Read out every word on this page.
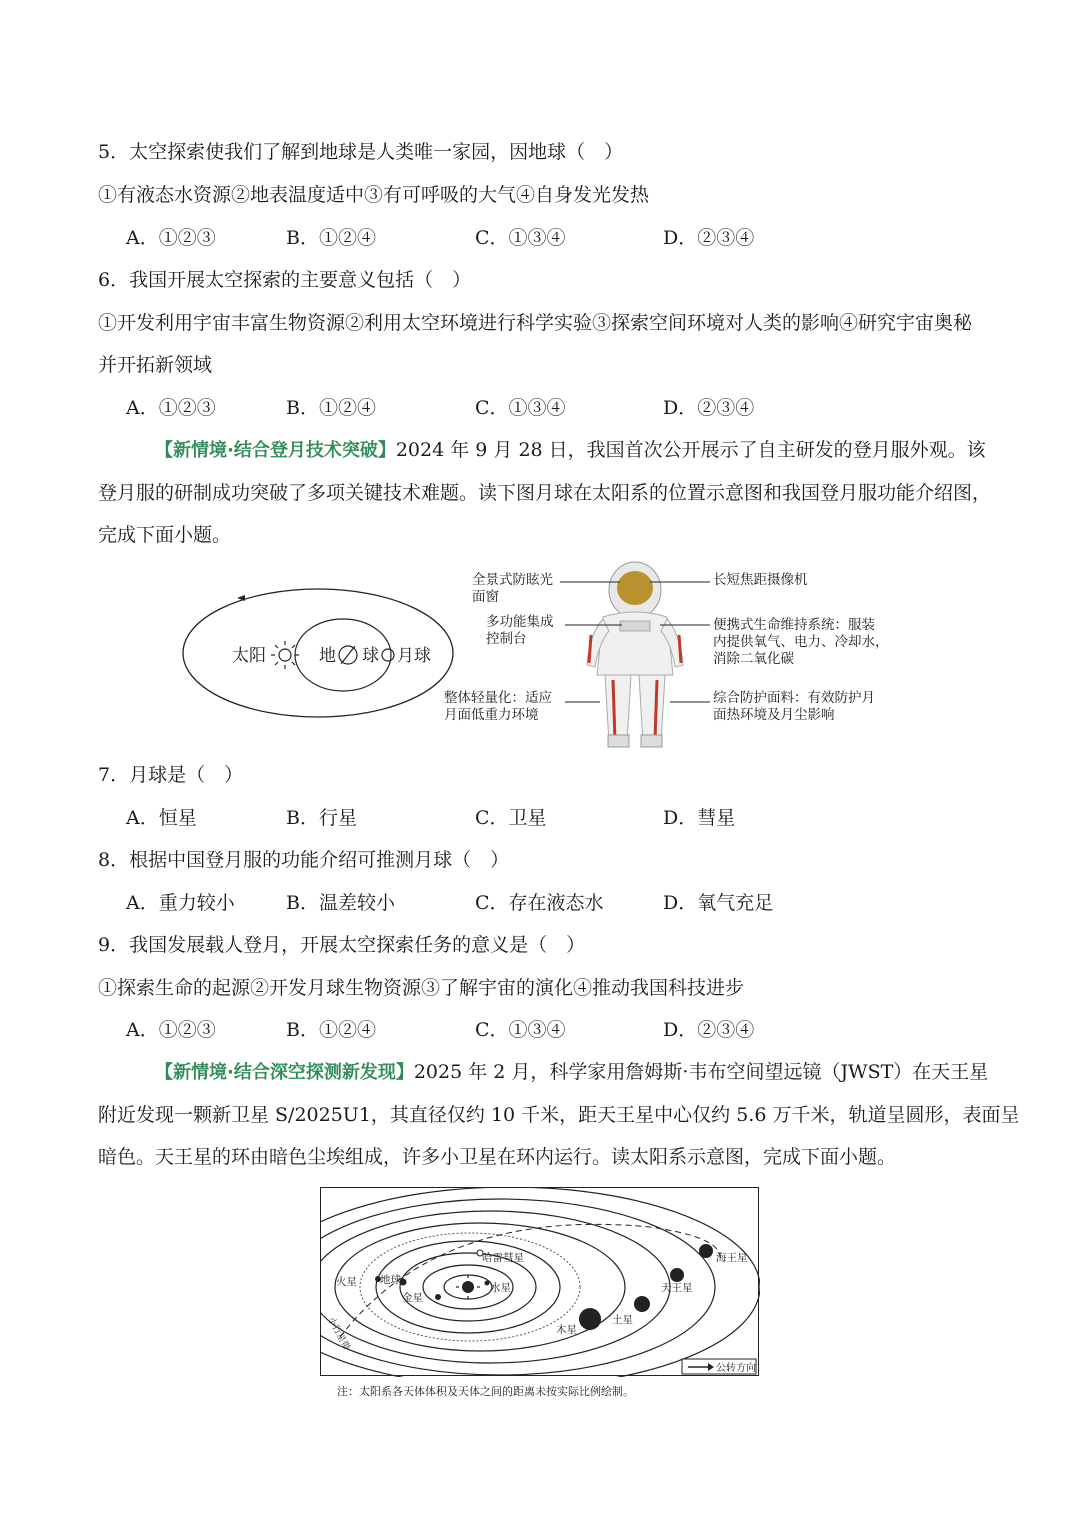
5．太空探索使我们了解到地球是人类唯一家园，因地球（　）
①有液态水资源②地表温度适中③有可呼吸的大气④自身发光发热
A．①②③	B．①②④	C．①③④	D．②③④
6．我国开展太空探索的主要意义包括（　）
①开发利用宇宙丰富生物资源②利用太空环境进行科学实验③探索空间环境对人类的影响④研究宇宙奥秘
并开拓新领域
A．①②③	B．①②④	C．①③④	D．②③④
【新情境·结合登月技术突破】2024 年 9 月 28 日，我国首次公开展示了自主研发的登月服外观。该
登月服的研制成功突破了多项关键技术难题。读下图月球在太阳系的位置示意图和我国登月服功能介绍图，
完成下面小题。
太阳	地 球 月球
全景式防眩光
面窗
多功能集成
控制台
整体轻量化：适应
月面低重力环境
长短焦距摄像机
便携式生命维持系统：服装
内提供氧气、电力、冷却水，
消除二氧化碳
综合防护面料：有效防护月
面热环境及月尘影响
7．月球是（　）
A．恒星	B．行星	C．卫星	D．彗星
8．根据中国登月服的功能介绍可推测月球（　）
A．重力较小	B．温差较小	C．存在液态水	D．氧气充足
9．我国发展载人登月，开展太空探索任务的意义是（　）
①探索生命的起源②开发月球生物资源③了解宇宙的演化④推动我国科技进步
A．①②③	B．①②④	C．①③④	D．②③④
【新情境·结合深空探测新发现】2025 年 2 月，科学家用詹姆斯·韦布空间望远镜（JWST）在天王星
附近发现一颗新卫星 S/2025U1，其直径仅约 10 千米，距天王星中心仅约 5.6 万千米，轨道呈圆形，表面呈
暗色。天王星的环由暗色尘埃组成，许多小卫星在环内运行。读太阳系示意图，完成下面小题。
哈雷彗星
火星 地球
金星
水星
木星
土星
天王星
海王星
小行星带
公转方向
注：太阳系各天体体积及天体之间的距离未按实际比例绘制。
